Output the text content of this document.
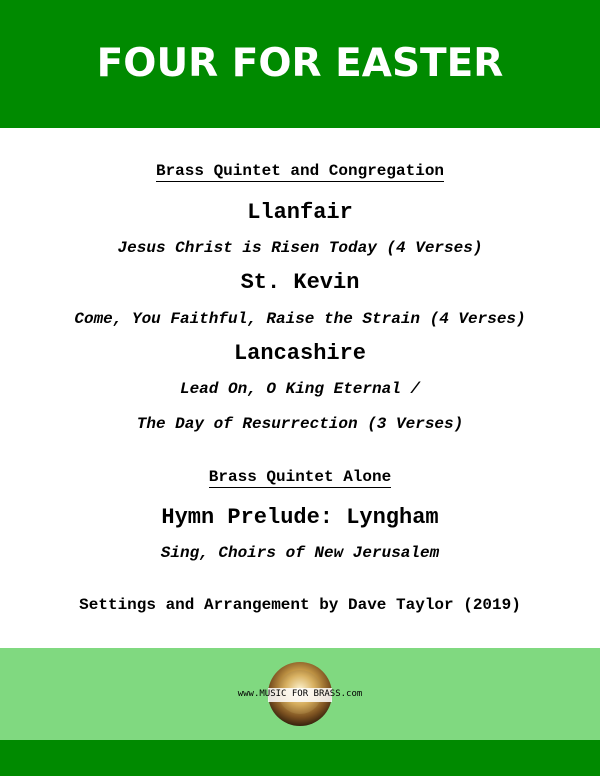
FOUR FOR EASTER
Brass Quintet and Congregation
Llanfair
Jesus Christ is Risen Today (4 Verses)
St. Kevin
Come, You Faithful, Raise the Strain (4 Verses)
Lancashire
Lead On, O King Eternal /
The Day of Resurrection (3 Verses)
Brass Quintet Alone
Hymn Prelude: Lyngham
Sing, Choirs of New Jerusalem
Settings and Arrangement by Dave Taylor (2019)
www.MUSIC FOR BRASS.com
